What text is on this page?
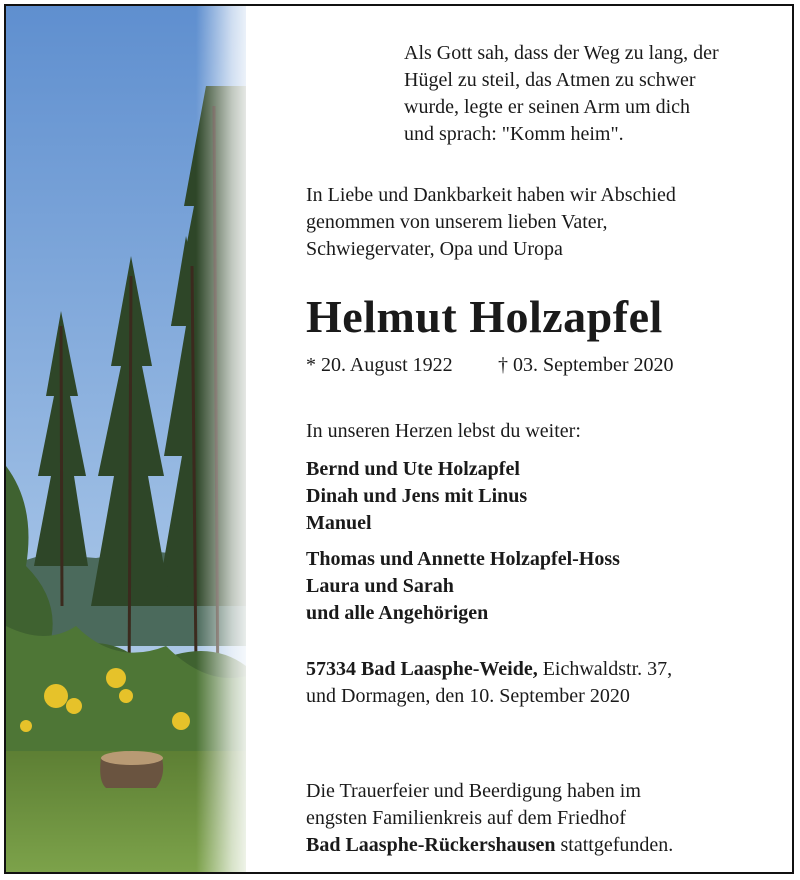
Als Gott sah, dass der Weg zu lang, der
Hügel zu steil, das Atmen zu schwer
wurde, legte er seinen Arm um dich
und sprach: "Komm heim".
In Liebe und Dankbarkeit haben wir Abschied
genommen von unserem lieben Vater,
Schwiegervater, Opa und Uropa
Helmut Holzapfel
* 20. August 1922 † 03. September 2020
In unseren Herzen lebst du weiter:
Bernd und Ute Holzapfel
Dinah und Jens mit Linus
Manuel
Thomas und Annette Holzapfel-Hoss
Laura und Sarah
und alle Angehörigen
57334 Bad Laasphe-Weide, Eichwaldstr. 37,
und Dormagen, den 10. September 2020
Die Trauerfeier und Beerdigung haben im
engsten Familienkreis auf dem Friedhof
Bad Laasphe-Rückershausen stattgefunden.
